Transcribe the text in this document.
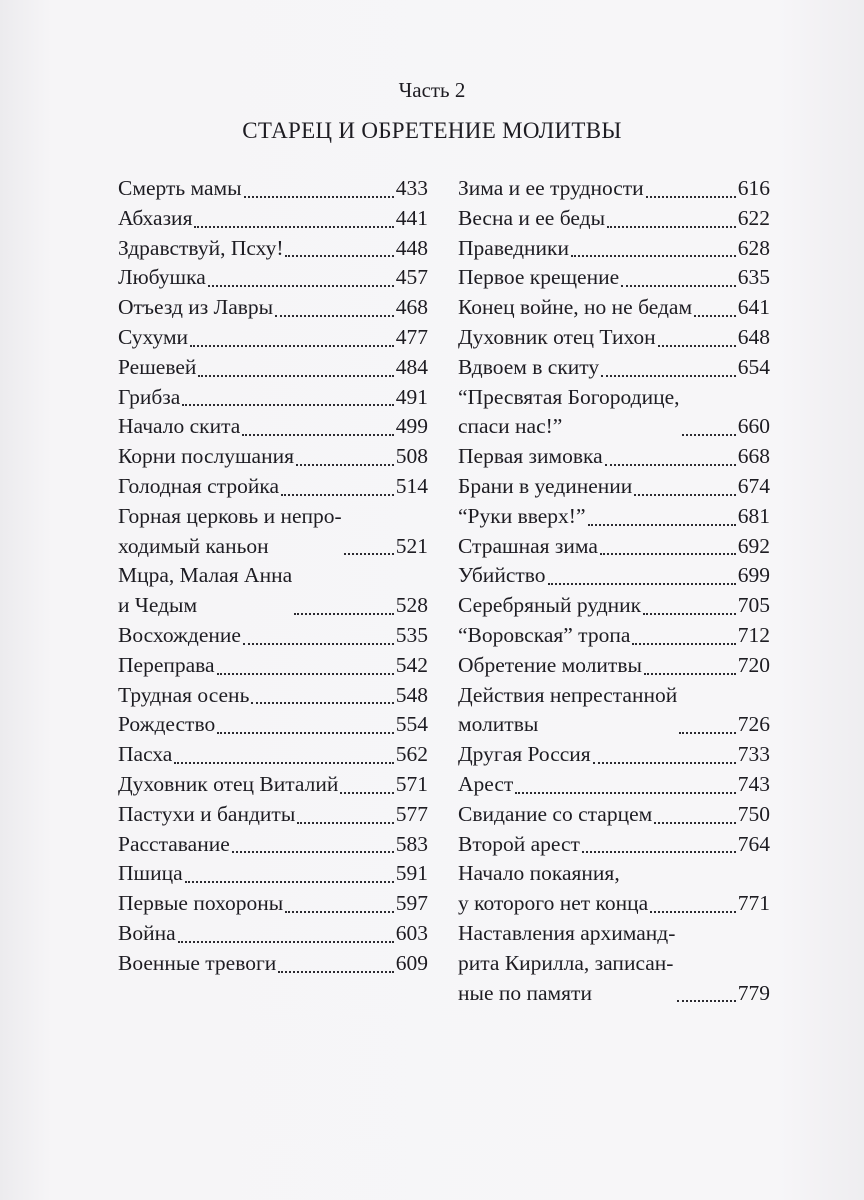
Часть 2
СТАРЕЦ И ОБРЕТЕНИЕ МОЛИТВЫ
Смерть мамы	433
Абхазия	441
Здравствуй, Псху!	448
Любушка	457
Отъезд из Лавры	468
Сухуми	477
Решевей	484
Грибза	491
Начало скита	499
Корни послушания	508
Голодная стройка	514
Горная церковь и непро-
ходимый каньон	521
Мцра, Малая Анна
и Чедым	528
Восхождение	535
Переправа	542
Трудная осень	548
Рождество	554
Пасха	562
Духовник отец Виталий	571
Пастухи и бандиты	577
Расставание	583
Пшица	591
Первые похороны	597
Война	603
Военные тревоги	609
Зима и ее трудности	616
Весна и ее беды	622
Праведники	628
Первое крещение	635
Конец войне, но не бедам 641
Духовник отец Тихон	648
Вдвоем в скиту	654
“Пресвятая Богородице,
спаси нас!”	660
Первая зимовка	668
Брани в уединении	674
“Руки вверх!”	681
Страшная зима	692
Убийство	699
Серебряный рудник	705
“Воровская” тропа	712
Обретение молитвы	720
Действия непрестанной
молитвы	726
Другая Россия	733
Арест	743
Свидание со старцем	750
Второй арест	764
Начало покаяния,
у которого нет конца	771
Наставления архиманд-
рита Кирилла, записан-
ные по памяти	779
